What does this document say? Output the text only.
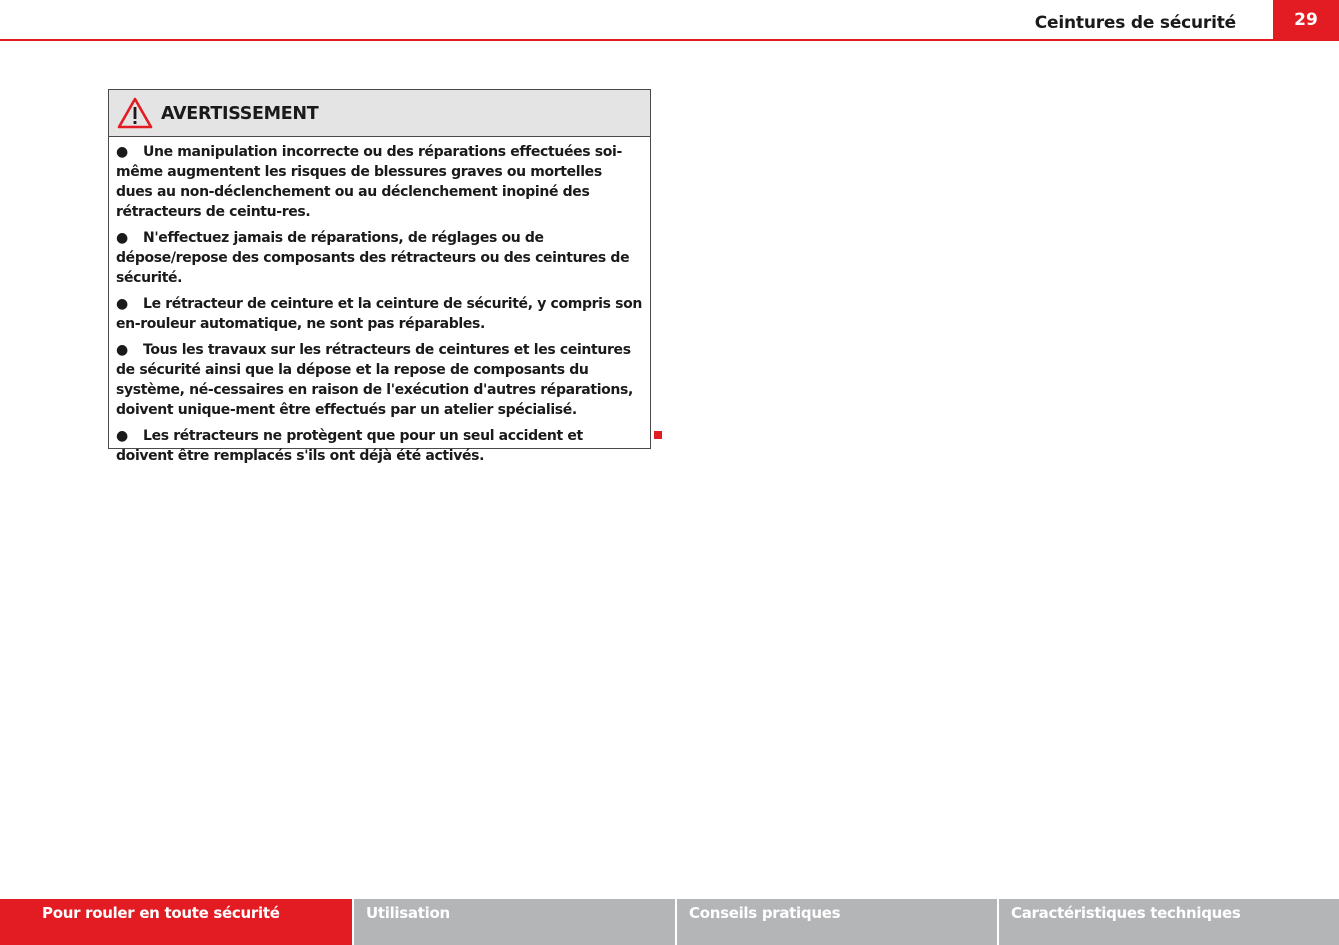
Ceintures de sécurité	29
AVERTISSEMENT
● Une manipulation incorrecte ou des réparations effectuées soi-même augmentent les risques de blessures graves ou mortelles dues au non-déclenchement ou au déclenchement inopiné des rétracteurs de ceintu-res.
● N'effectuez jamais de réparations, de réglages ou de dépose/repose des composants des rétracteurs ou des ceintures de sécurité.
● Le rétracteur de ceinture et la ceinture de sécurité, y compris son en-rouleur automatique, ne sont pas réparables.
● Tous les travaux sur les rétracteurs de ceintures et les ceintures de sécurité ainsi que la dépose et la repose de composants du système, né-cessaires en raison de l'exécution d'autres réparations, doivent unique-ment être effectués par un atelier spécialisé.
● Les rétracteurs ne protègent que pour un seul accident et doivent être remplacés s'ils ont déjà été activés.
Pour rouler en toute sécurité	Utilisation	Conseils pratiques	Caractéristiques techniques
